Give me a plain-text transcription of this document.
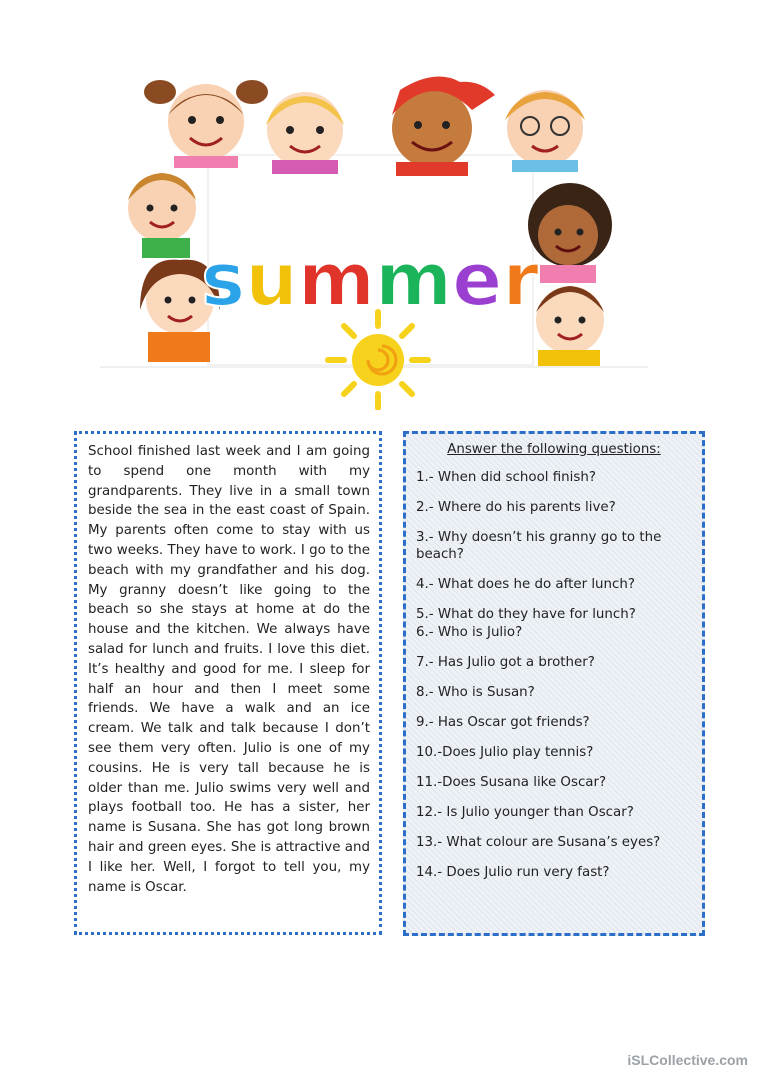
summer

School finished last week and I am going to spend one month with my grandparents. They live in a small town beside the sea in the east coast of Spain. My parents often come to stay with us two weeks. They have to work. I go to the beach with my grandfather and his dog. My granny doesn’t like going to the beach so she stays at home at do the house and the kitchen. We always have salad for lunch and fruits. I love this diet. It’s healthy and good for me. I sleep for half an hour and then I meet some friends. We have a walk and an ice cream. We talk and talk because I don’t see them very often. Julio is one of my cousins. He is very tall because he is older than me. Julio swims very well and plays football too. He has a sister, her name is Susana. She has got long brown hair and green eyes. She is attractive and I like her. Well, I forgot to tell you, my name is Oscar.

Answer the following questions:
1.- When did school finish?
2.- Where do his parents live?
3.- Why doesn’t his granny go to the beach?
4.- What does he do after lunch?
5.- What do they have for lunch?
6.- Who is Julio?
7.- Has Julio got a brother?
8.- Who is Susan?
9.- Has Oscar got friends?
10.-Does Julio play tennis?
11.-Does Susana like Oscar?
12.- Is Julio younger than Oscar?
13.- What colour are Susana’s eyes?
14.- Does Julio run very fast?
iSLCollective.com
